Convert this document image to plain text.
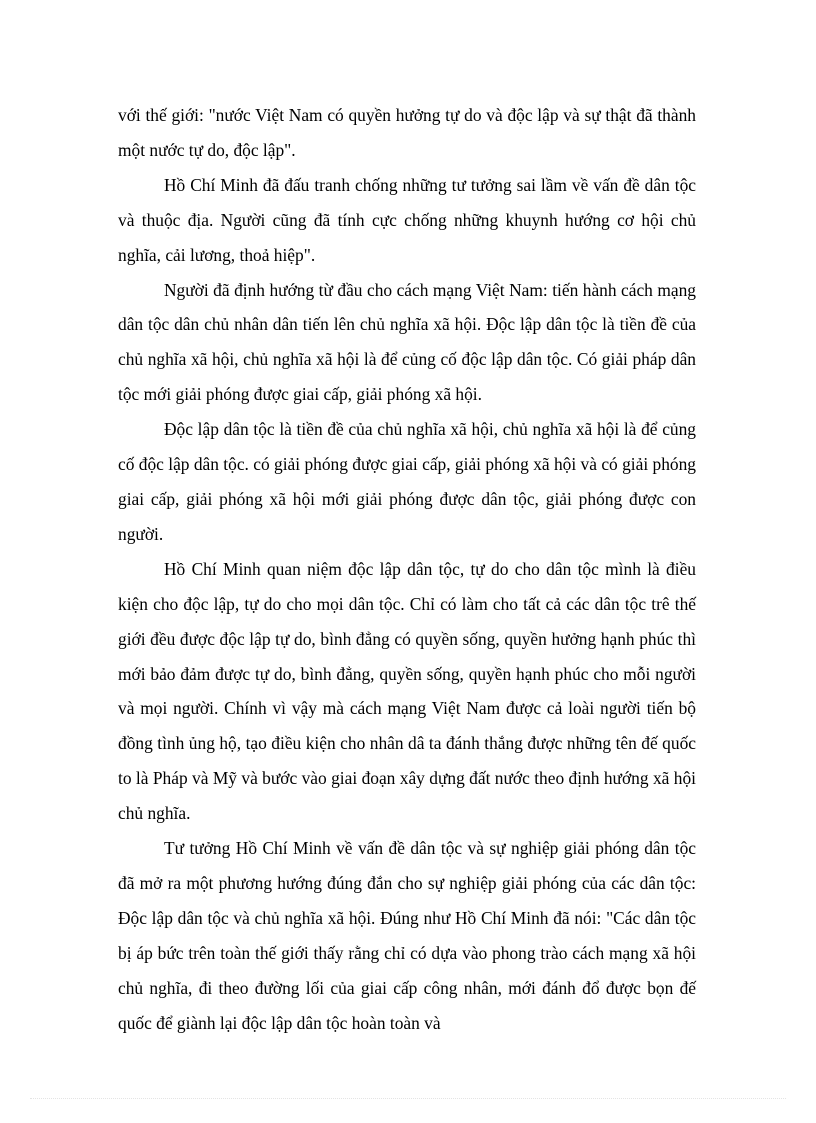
với thế giới: "nước Việt Nam có quyền hưởng tự do và độc lập và sự thật đã thành một nước tự do, độc lập".

Hồ Chí Minh đã đấu tranh chống những tư tưởng sai lầm về vấn đề dân tộc và thuộc địa. Người cũng đã tính cực chống những khuynh hướng cơ hội chủ nghĩa, cải lương, thoả hiệp".

Người đã định hướng từ đầu cho cách mạng Việt Nam: tiến hành cách mạng dân tộc dân chủ nhân dân tiến lên chủ nghĩa xã hội. Độc lập dân tộc là tiền đề của chủ nghĩa xã hội, chủ nghĩa xã hội là để củng cố độc lập dân tộc. Có giải pháp dân tộc mới giải phóng được giai cấp, giải phóng xã hội.

Độc lập dân tộc là tiền đề của chủ nghĩa xã hội, chủ nghĩa xã hội là để củng cố độc lập dân tộc. có giải phóng được giai cấp, giải phóng xã hội và có giải phóng giai cấp, giải phóng xã hội mới giải phóng được dân tộc, giải phóng được con người.

Hồ Chí Minh quan niệm độc lập dân tộc, tự do cho dân tộc mình là điều kiện cho độc lập, tự do cho mọi dân tộc. Chỉ có làm cho tất cả các dân tộc trê thế giới đều được độc lập tự do, bình đẳng có quyền sống, quyền hưởng hạnh phúc thì mới bảo đảm được tự do, bình đẳng, quyền sống, quyền hạnh phúc cho mỗi người và mọi người. Chính vì vậy mà cách mạng Việt Nam được cả loài người tiến bộ đồng tình ủng hộ, tạo điều kiện cho nhân dâ ta đánh thắng được những tên đế quốc to là Pháp và Mỹ và bước vào giai đoạn xây dựng đất nước theo định hướng xã hội chủ nghĩa.

Tư tưởng Hồ Chí Minh về vấn đề dân tộc và sự nghiệp giải phóng dân tộc đã mở ra một phương hướng đúng đắn cho sự nghiệp giải phóng của các dân tộc: Độc lập dân tộc và chủ nghĩa xã hội. Đúng như Hồ Chí Minh đã nói: "Các dân tộc bị áp bức trên toàn thế giới thấy rằng chỉ có dựa vào phong trào cách mạng xã hội chủ nghĩa, đi theo đường lối của giai cấp công nhân, mới đánh đổ được bọn đế quốc để giành lại độc lập dân tộc hoàn toàn và
